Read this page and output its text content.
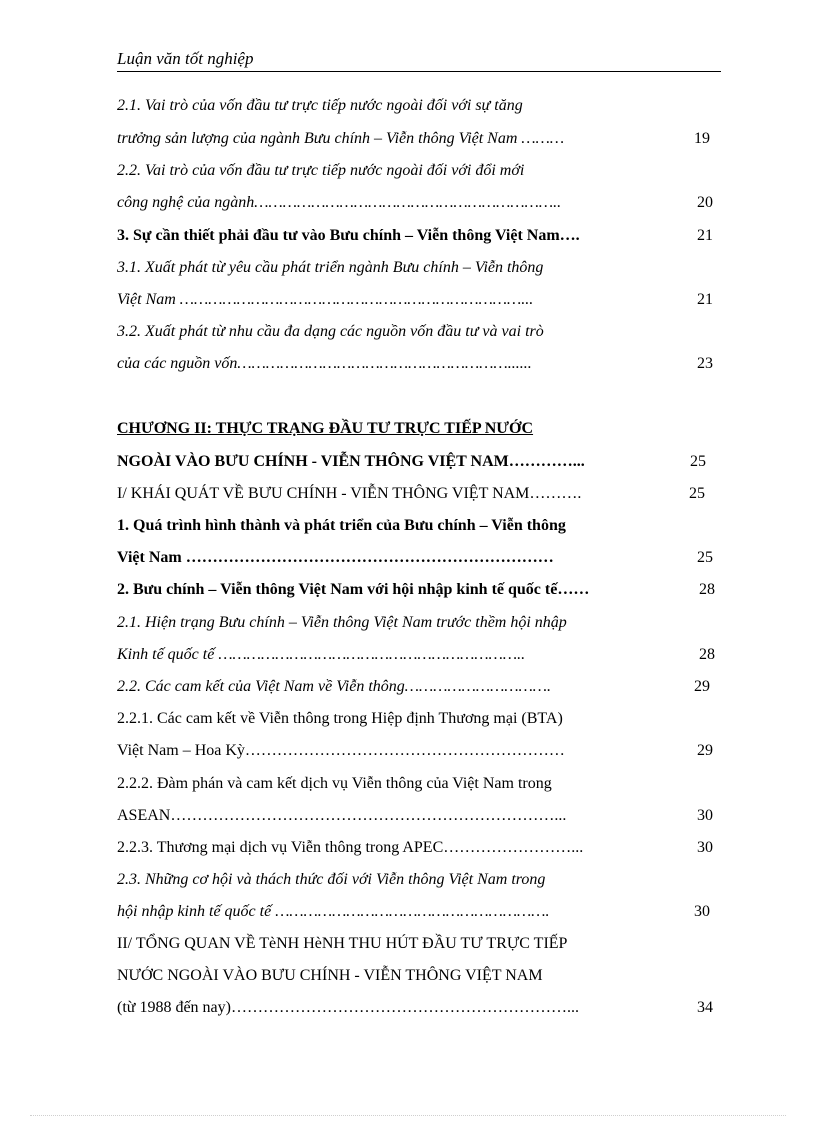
Luận văn tốt nghiệp
2.1. Vai trò của vốn đầu tư trực tiếp nước ngoài đối với sự tăng
trưởng sản lượng của ngành Bưu chính – Viễn thông Việt Nam ………	19
2.2. Vai trò của vốn đầu tư trực tiếp nước ngoài đối với đổi mới
công nghệ của ngành………………………………………………………..	20
3. Sự cần thiết phải đầu tư vào Bưu chính – Viễn thông Việt Nam….	21
3.1. Xuất phát từ yêu cầu phát triển ngành Bưu chính – Viễn thông
Việt Nam ………………………………………………………………...	21
3.2. Xuất phát từ nhu cầu đa dạng các nguồn vốn đầu tư và vai trò
của các nguồn vốn…………………………………………………......	23
CHƯƠNG II: THỰC TRẠNG ĐẦU TƯ TRỰC TIẾP NƯỚC
NGOÀI VÀO BƯU CHÍNH - VIỄN THÔNG VIỆT NAM…………...	25
I/ KHÁI QUÁT VỀ BƯU CHÍNH - VIỄN THÔNG VIỆT NAM……….	25
1. Quá trình hình thành và phát triển của Bưu chính – Viễn thông
Việt Nam ……………………………………………………………	25
2. Bưu chính – Viễn thông Việt Nam với hội nhập kinh tế quốc tế……	28
2.1. Hiện trạng Bưu chính – Viễn thông Việt Nam trước thềm hội nhập
Kinh tế quốc tế ………………………………………………………..	28
2.2. Các cam kết của Việt Nam về Viễn thông………………………….	29
2.2.1. Các cam kết về Viễn thông trong Hiệp định Thương mại (BTA)
Việt Nam – Hoa Kỳ……………………………………………………	29
2.2.2. Đàm phán và cam kết dịch vụ Viễn thông của Việt Nam trong
ASEAN………………………………………………………………...	30
2.2.3. Thương mại dịch vụ Viễn thông trong APEC……………………...	30
2.3. Những cơ hội và thách thức đối với Viễn thông Việt Nam trong
hội nhập kinh tế quốc tế ………………………………………………….	30
II/ TỔNG QUAN VỀ TèNH HèNH THU HÚT ĐẦU TƯ TRỰC TIẾP
NƯỚC NGOÀI VÀO BƯU CHÍNH - VIỄN THÔNG VIỆT NAM
(từ 1988 đến nay)………………………………………………………...	34
